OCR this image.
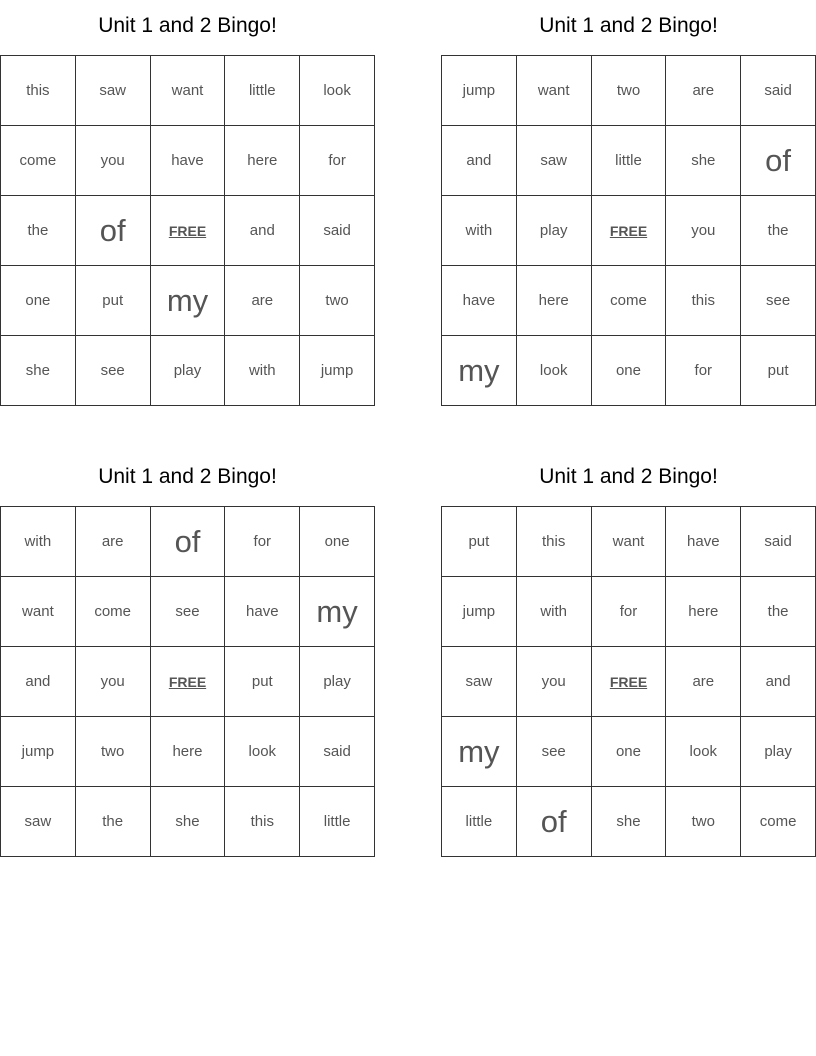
Unit 1 and 2 Bingo!
this	saw	want	little	look
come	you	have	here	for
the	of	FREE	and	said
one	put	my	are	two
she	see	play	with	jump
Unit 1 and 2 Bingo!
jump	want	two	are	said
and	saw	little	she	of
with	play	FREE	you	the
have	here	come	this	see
my	look	one	for	put
Unit 1 and 2 Bingo!
with	are	of	for	one
want	come	see	have	my
and	you	FREE	put	play
jump	two	here	look	said
saw	the	she	this	little
Unit 1 and 2 Bingo!
put	this	want	have	said
jump	with	for	here	the
saw	you	FREE	are	and
my	see	one	look	play
little	of	she	two	come
